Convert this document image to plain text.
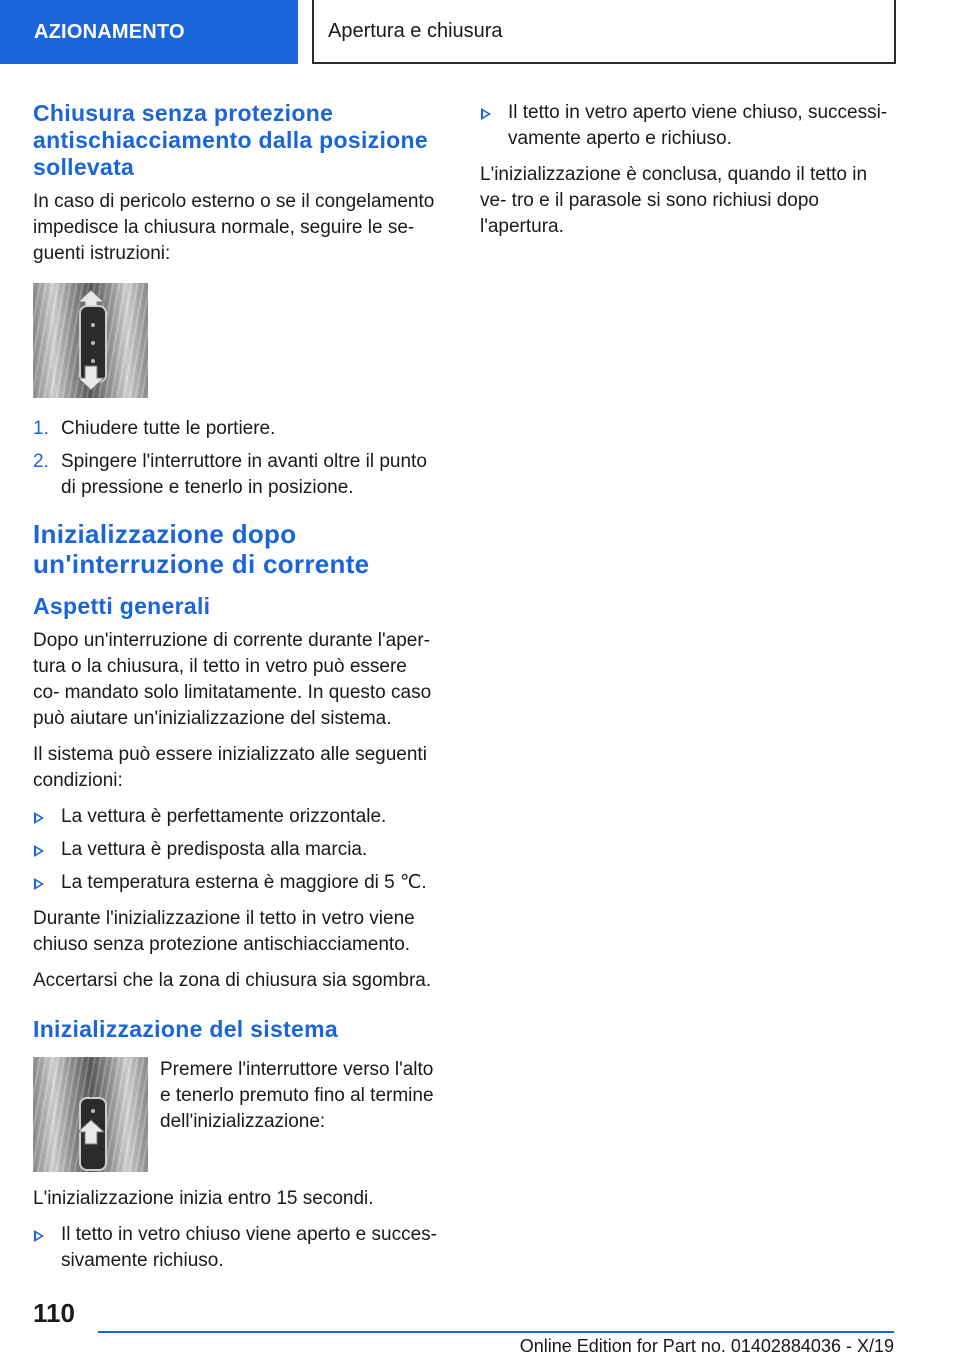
AZIONAMENTO	Apertura e chiusura
Chiusura senza protezione antischiacciamento dalla posizione sollevata

In caso di pericolo esterno o se il congelamento impedisce la chiusura normale, seguire le se- guenti istruzioni:

1. Chiudere tutte le portiere.
2. Spingere l'interruttore in avanti oltre il punto di pressione e tenerlo in posizione.
Inizializzazione dopo un'interruzione di corrente
Aspetti generali

Dopo un'interruzione di corrente durante l'aper- tura o la chiusura, il tetto in vetro può essere co- mandato solo limitatamente. In questo caso può aiutare un'inizializzazione del sistema.

Il sistema può essere inizializzato alle seguenti condizioni:

La vettura è perfettamente orizzontale.
La vettura è predisposta alla marcia.
La temperatura esterna è maggiore di 5 ℃.

Durante l'inizializzazione il tetto in vetro viene chiuso senza protezione antischiacciamento.

Accertarsi che la zona di chiusura sia sgombra.

Inizializzazione del sistema

Premere l'interruttore verso l'alto e tenerlo premuto fino al termine dell'inizializzazione:

L'inizializzazione inizia entro 15 secondi.

Il tetto in vetro chiuso viene aperto e succes- sivamente richiuso.
Il tetto in vetro aperto viene chiuso, successi- vamente aperto e richiuso.

L'inizializzazione è conclusa, quando il tetto in ve- tro e il parasole si sono richiusi dopo l'apertura.

110
Online Edition for Part no. 01402884036 - X/19
